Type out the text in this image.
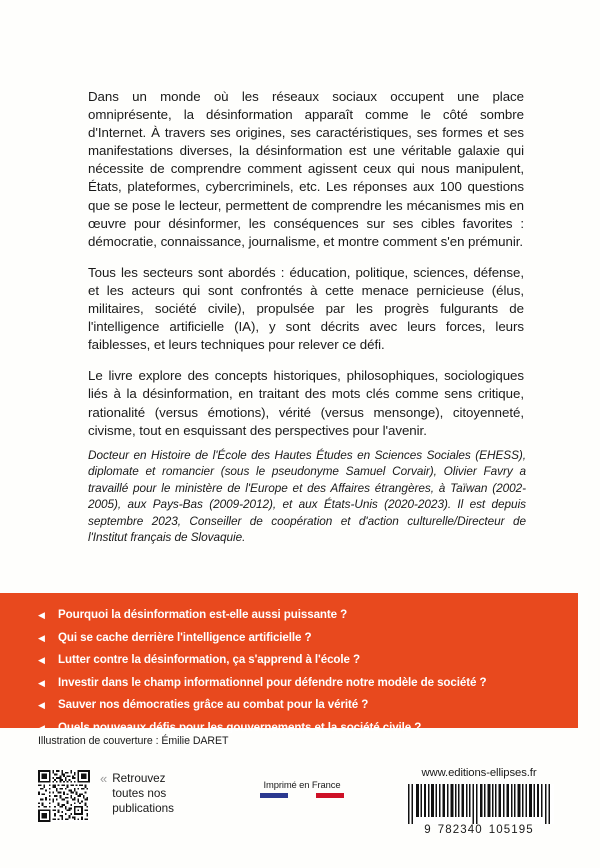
Dans un monde où les réseaux sociaux occupent une place omniprésente, la désinformation apparaît comme le côté sombre d'Internet. À travers ses origines, ses caractéristiques, ses formes et ses manifestations diverses, la désinformation est une véritable galaxie qui nécessite de comprendre comment agissent ceux qui nous manipulent, États, plateformes, cybercriminels, etc. Les réponses aux 100 questions que se pose le lecteur, permettent de comprendre les mécanismes mis en œuvre pour désinformer, les conséquences sur ses cibles favorites : démocratie, connaissance, journalisme, et montre comment s'en prémunir.

Tous les secteurs sont abordés : éducation, politique, sciences, défense, et les acteurs qui sont confrontés à cette menace pernicieuse (élus, militaires, société civile), propulsée par les progrès fulgurants de l'intelligence artificielle (IA), y sont décrits avec leurs forces, leurs faiblesses, et leurs techniques pour relever ce défi.

Le livre explore des concepts historiques, philosophiques, sociologiques liés à la désinformation, en traitant des mots clés comme sens critique, rationalité (versus émotions), vérité (versus mensonge), citoyenneté, civisme, tout en esquissant des perspectives pour l'avenir.

Docteur en Histoire de l'École des Hautes Études en Sciences Sociales (EHESS), diplomate et romancier (sous le pseudonyme Samuel Corvair), Olivier Favry a travaillé pour le ministère de l'Europe et des Affaires étrangères, à Taïwan (2002-2005), aux Pays-Bas (2009-2012), et aux États-Unis (2020-2023). Il est depuis septembre 2023, Conseiller de coopération et d'action culturelle/Directeur de l'Institut français de Slovaquie.

◀	Pourquoi la désinformation est-elle aussi puissante ?
◀	Qui se cache derrière l'intelligence artificielle ?
◀	Lutter contre la désinformation, ça s'apprend à l'école ?
◀	Investir dans le champ informationnel pour défendre notre modèle de société ?
◀	Sauver nos démocraties grâce au combat pour la vérité ?
◀	Quels nouveaux défis pour les gouvernements et la société civile ?
Illustration de couverture : Émilie DARET
« Retrouvez
toutes nos
publications
Imprimé en France
www.editions-ellipses.fr
9 782340 105195
